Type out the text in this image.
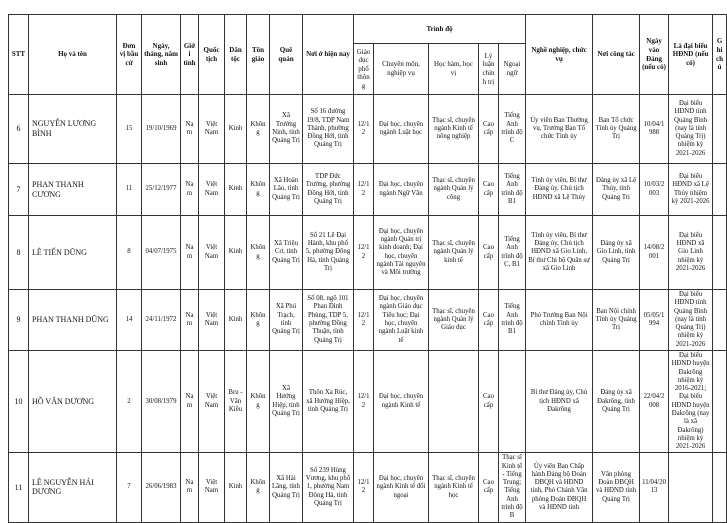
STT	Họ và tên	Đơn vị bầu cử	Ngày, tháng, năm sinh	Giới tính	Quốc tịch	Dân tộc	Tôn giáo	Quê quán	Nơi ở hiện nay	Trình độ					Nghề nghiệp, chức vụ	Nơi công tác	Ngày vào Đảng (nếu có)	Là đại biểu HĐND (nếu có)	Ghi chú
										Giáo dục phổ thông	Chuyên môn, nghiệp vụ	Học hàm, học vị	Lý luận chính trị	Ngoại ngữ					
6	NGUYỄN LƯƠNG BÌNH	15	19/10/1969	Nam	Việt Nam	Kinh	Không	Xã Trường Ninh, tỉnh Quảng Trị	Số 16 đường 19/8, TDP Nam Thành, phường Đồng Hới, tỉnh Quảng Trị	12/12	Đại học, chuyên ngành Luật học	Thạc sĩ, chuyên ngành Kinh tế nông nghiệp	Cao cấp	Tiếng Anh trình độ C	Ủy viên Ban Thường vụ, Trưởng Ban Tổ chức Tỉnh ủy	Ban Tổ chức Tỉnh ủy Quảng Trị	10/04/1988	Đại biểu HĐND tỉnh Quảng Bình (nay là tỉnh Quảng Trị) nhiệm kỳ 2021-2026	
7	PHAN THANH CƯƠNG	11	25/12/1977	Nam	Việt Nam	Kinh	Không	Xã Hoàn Lão, tỉnh Quảng Trị	TDP Đức Trường, phường Đồng Hới, tỉnh Quảng Trị	12/12	Đại học, chuyên ngành Ngữ Văn	Thạc sĩ, chuyên ngành Quản lý công	Cao cấp	Tiếng Anh trình độ B1	Tỉnh ủy viên, Bí thư Đảng ủy, Chủ tịch HĐND xã Lệ Thủy	Đảng ủy xã Lệ Thủy, tỉnh Quảng Trị	10/03/2003	Đại biểu HĐND xã Lệ Thủy nhiệm kỳ 2021-2026	
8	LÊ TIẾN DŨNG	8	04/07/1975	Nam	Việt Nam	Kinh	Không	Xã Triệu Cơ, tỉnh Quảng Trị	Số 21 Lê Đại Hành, khu phố 5, phường Đông Hà, tỉnh Quảng Trị	12/12	Đại học, chuyên ngành Quản trị kinh doanh; Đại học, chuyên ngành Tài nguyên và Môi trường	Thạc sĩ, chuyên ngành Quản lý kinh tế	Cao cấp	Tiếng Anh trình độ C, B1	Tỉnh ủy viên, Bí thư Đảng ủy, Chủ tịch HĐND xã Gio Linh, Bí thư Chi bộ Quân sự xã Gio Linh	Đảng ủy xã Gio Linh, tỉnh Quảng Trị	14/08/2001	Đại biểu HĐND xã Gio Linh nhiệm kỳ 2021-2026	
9	PHAN THANH DŨNG	14	24/11/1972	Nam	Việt Nam	Kinh	Không	Xã Phú Trạch, tỉnh Quảng Trị	Số 08, ngõ 101 Phan Đình Phùng, TDP 5, phường Đồng Thuận, tỉnh Quảng Trị	12/12	Đại học, chuyên ngành Giáo dục Tiểu học; Đại học, chuyên ngành Luật kinh tế	Thạc sĩ, chuyên ngành Quản lý Giáo dục	Cao cấp	Tiếng Anh trình độ B1	Phó Trưởng Ban Nội chính Tỉnh ủy	Ban Nội chính Tỉnh ủy Quảng Trị	05/05/1994	Đại biểu HĐND tỉnh Quảng Bình (nay là tỉnh Quảng Trị) nhiệm kỳ 2021-2026	
10	HỒ VĂN DƯƠNG	2	30/08/1979	Nam	Việt Nam	Bru - Vân Kiều	Không	Xã Hướng Hiệp, tỉnh Quảng Trị	Thôn Xa Rúc, xã Hướng Hiệp, tỉnh Quảng Trị	12/12	Đại học, chuyên ngành Kinh tế		Cao cấp		Bí thư Đảng ủy, Chủ tịch HĐND xã Đakrông	Đảng ủy xã Đakrông, tỉnh Quảng Trị	22/04/2008	Đại biểu HĐND huyện Đakrông nhiệm kỳ 2016-2021; Đại biểu HĐND huyện Đakrông (nay là xã Đakrông) nhiệm kỳ 2021-2026	
11	LÊ NGUYỄN HẢI DƯƠNG	7	26/06/1983	Nam	Việt Nam	Kinh	Không	Xã Hải Lăng, tỉnh Quảng Trị	Số 239 Hùng Vương, khu phố 1, phường Nam Đông Hà, tỉnh Quảng Trị	12/12	Đại học, chuyên ngành Kinh tế đối ngoại	Thạc sĩ, chuyên ngành Kinh tế học	Cao cấp	Thạc sĩ Kinh tế - Tiếng Trung; Tiếng Anh trình độ B	Ủy viên Ban Chấp hành Đảng bộ Đoàn ĐBQH và HĐND tỉnh, Phó Chánh Văn phòng Đoàn ĐBQH và HĐND tỉnh	Văn phòng Đoàn ĐBQH và HĐND tỉnh Quảng Trị	11/04/2013		
